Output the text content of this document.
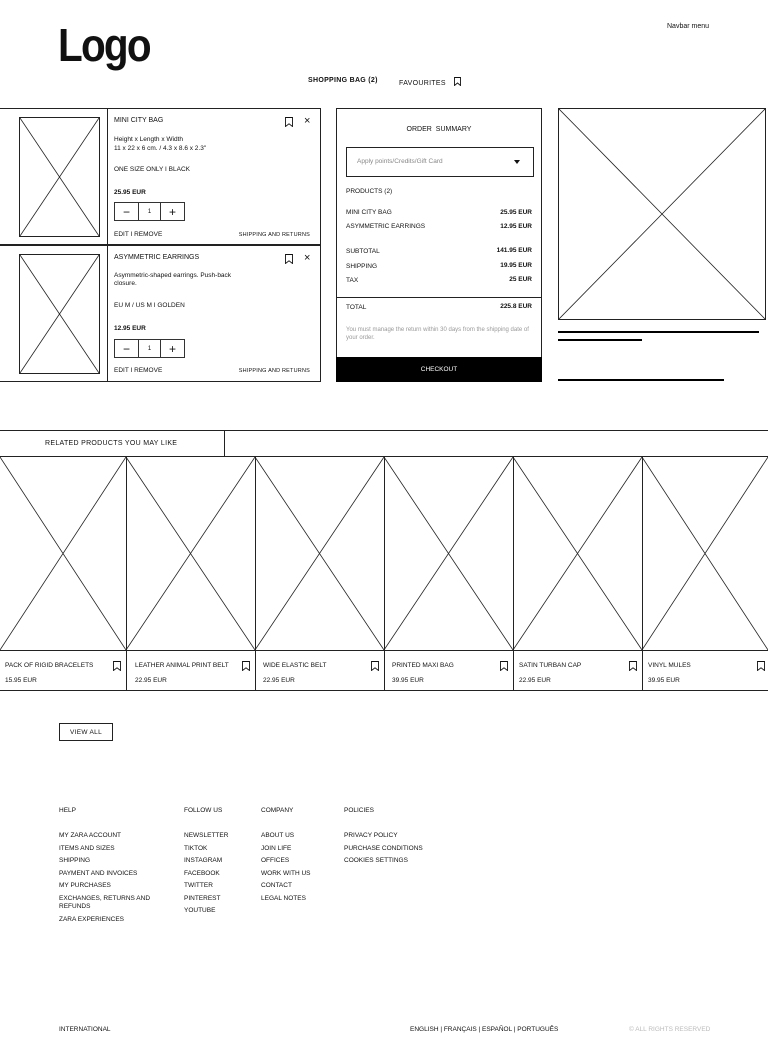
Logo	Navbar menu
SHOPPING BAG (2)	FAVOURITES
MINI CITY BAG	×
Height x Length x Width
11 x 22 x 6 cm. / 4.3 x 8.6 x 2.3"
ONE SIZE ONLY I BLACK
25.95 EUR
−	1	+
EDIT I REMOVE	SHIPPING AND RETURNS
ASYMMETRIC EARRINGS	×
Asymmetric-shaped earrings. Push-back
closure.
EU M / US M I GOLDEN
12.95 EUR
−	1	+
EDIT I REMOVE	SHIPPING AND RETURNS
ORDER SUMMARY
Apply points/Credits/Gift Card
PRODUCTS (2)
MINI CITY BAG	25.95 EUR
ASYMMETRIC EARRINGS	12.95 EUR
SUBTOTAL	141.95 EUR
SHIPPING	19.95 EUR
TAX	25 EUR
TOTAL	225.8 EUR
You must manage the return within 30 days from the shipping date of your order.
CHECKOUT
RELATED PRODUCTS YOU MAY LIKE
PACK OF RIGID BRACELETS
15.95 EUR
LEATHER ANIMAL PRINT BELT
22.95 EUR
WIDE ELASTIC BELT
22.95 EUR
PRINTED MAXI BAG
39.95 EUR
SATIN TURBAN CAP
22.95 EUR
VINYL MULES
39.95 EUR
VIEW ALL
HELP
MY ZARA ACCOUNT
ITEMS AND SIZES
SHIPPING
PAYMENT AND INVOICES
MY PURCHASES
EXCHANGES, RETURNS AND REFUNDS
ZARA EXPERIENCES
FOLLOW US
NEWSLETTER
TIKTOK
INSTAGRAM
FACEBOOK
TWITTER
PINTEREST
YOUTUBE
COMPANY
ABOUT US
JOIN LIFE
OFFICES
WORK WITH US
CONTACT
LEGAL NOTES
POLICIES
PRIVACY POLICY
PURCHASE CONDITIONS
COOKIES SETTINGS
INTERNATIONAL	ENGLISH | FRANÇAIS | ESPAÑOL | PORTUGUÊS	© ALL RIGHTS RESERVED
